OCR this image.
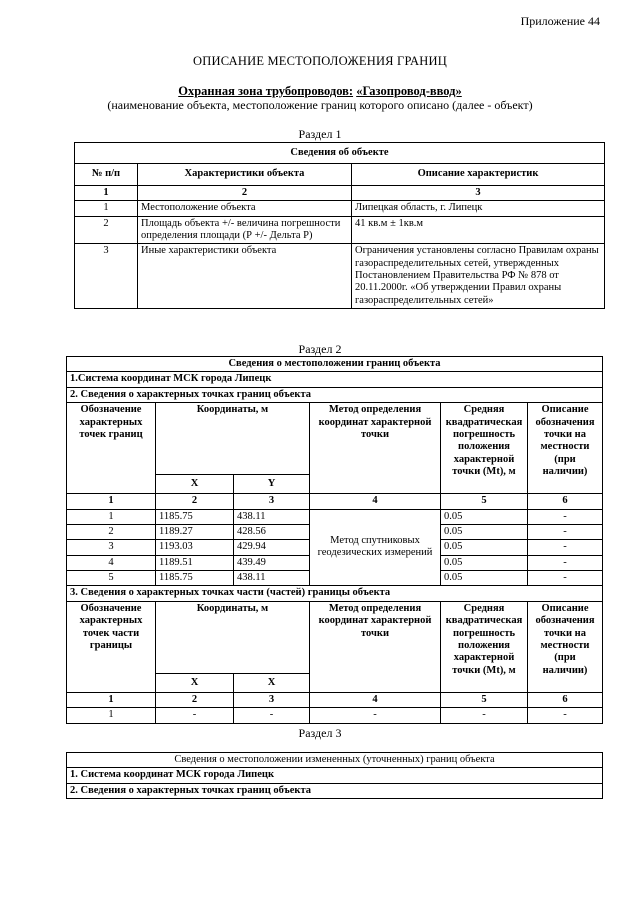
Приложение 44
ОПИСАНИЕ МЕСТОПОЛОЖЕНИЯ ГРАНИЦ
Охранная зона трубопроводов: «Газопровод-ввод»
(наименование объекта, местоположение границ которого описано (далее - объект)
Раздел 1
Сведения об объекте		
№ п/п	Характеристики объекта	Описание характеристик
1	2	3
1	Местоположение объекта	Липецкая область, г. Липецк
2	Площадь объекта +/- величина погрешности определения площади (Р +/- Дельта Р)	41 кв.м ± 1кв.м
3	Иные характеристики объекта	Ограничения установлены согласно Правилам охраны газораспределительных сетей, утвержденных Постановлением Правительства РФ № 878 от 20.11.2000г. «Об утверждении Правил охраны газораспределительных сетей»
Раздел 2
Сведения о местоположении границ объекта					
1.Система координат МСК города Липецк					
2. Сведения о характерных точках границ объекта					
Обозначение характерных точек границ	Координаты, м		Метод определения координат характерной точки	Средняя квадратическая погрешность положения характерной точки (Mt), м	Описание обозначения точки на местности (при наличии)
	X	Y			
1	2	3	4	5	6
1	1185.75	438.11	Метод спутниковых геодезических измерений	0.05	-
2	1189.27	428.56		0.05	-
3	1193.03	429.94		0.05	-
4	1189.51	439.49		0.05	-
5	1185.75	438.11		0.05	-
3. Сведения о характерных точках части (частей) границы объекта					
Обозначение характерных точек части границы	Координаты, м		Метод определения координат характерной точки	Средняя квадратическая погрешность положения характерной точки (Mt), м	Описание обозначения точки на местности (при наличии)
	X	X			
1	2	3	4	5	6
1	-	-	-	-	-
Раздел 3
Сведения о местоположении измененных (уточненных) границ объекта
1. Система координат МСК города Липецк
2. Сведения о характерных точках границ объекта
